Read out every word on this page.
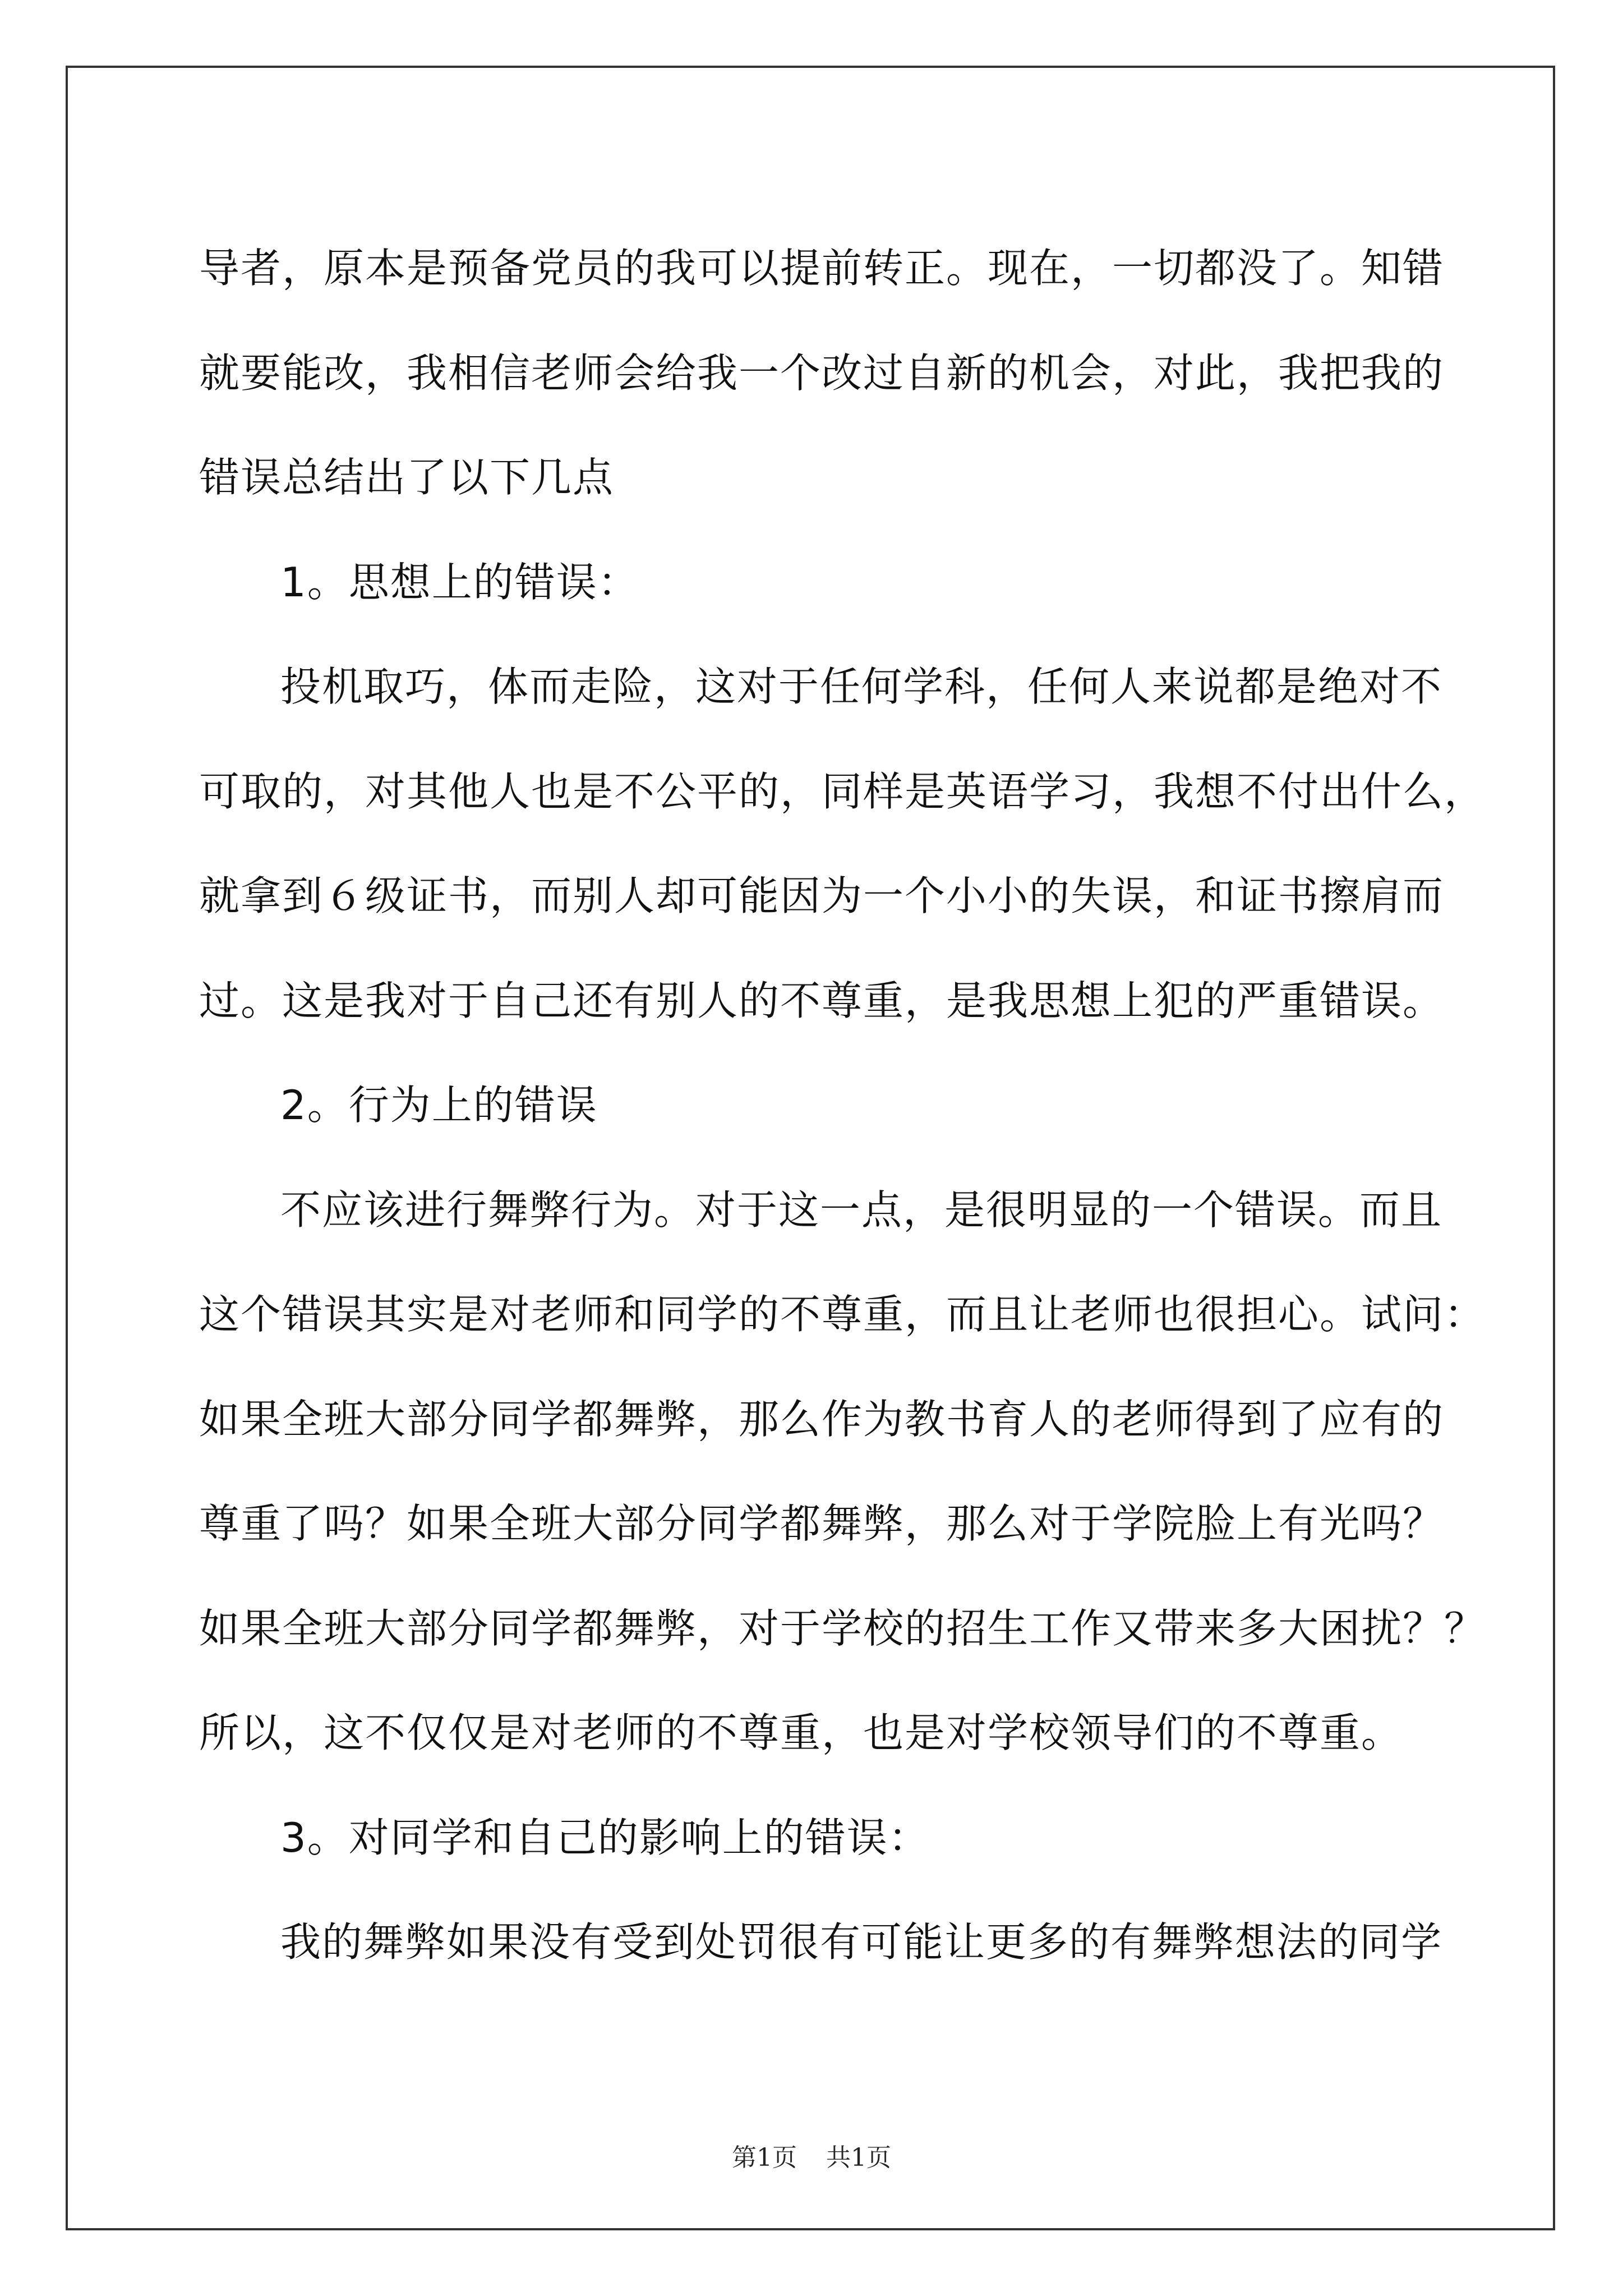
导者，原本是预备党员的我可以提前转正。现在，一切都没了。知错
就要能改，我相信老师会给我一个改过自新的机会，对此，我把我的
错误总结出了以下几点
1。思想上的错误：
投机取巧，体而走险，这对于任何学科，任何人来说都是绝对不
可取的，对其他人也是不公平的，同样是英语学习，我想不付出什么，
就拿到６级证书，而别人却可能因为一个小小的失误，和证书擦肩而
过。这是我对于自己还有别人的不尊重，是我思想上犯的严重错误。
2。行为上的错误
不应该进行舞弊行为。对于这一点，是很明显的一个错误。而且
这个错误其实是对老师和同学的不尊重，而且让老师也很担心。试问：
如果全班大部分同学都舞弊，那么作为教书育人的老师得到了应有的
尊重了吗？如果全班大部分同学都舞弊，那么对于学院脸上有光吗？
如果全班大部分同学都舞弊，对于学校的招生工作又带来多大困扰？？
所以，这不仅仅是对老师的不尊重，也是对学校领导们的不尊重。
3。对同学和自己的影响上的错误：
我的舞弊如果没有受到处罚很有可能让更多的有舞弊想法的同学
第1页 共1页
